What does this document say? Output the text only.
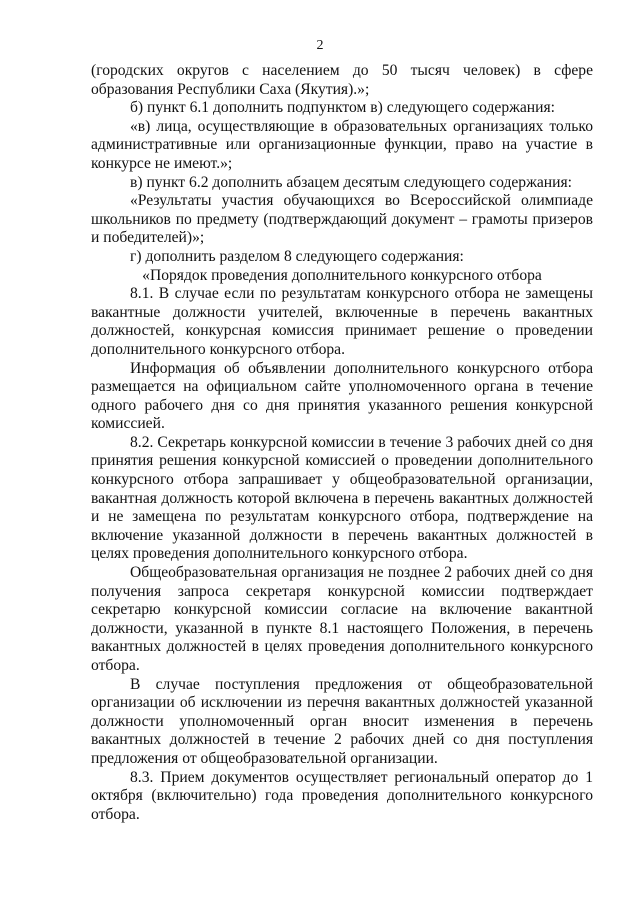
2

(городских округов с населением до 50 тысяч человек) в сфере образования Республики Саха (Якутия).»;

б) пункт 6.1 дополнить подпунктом в) следующего содержания:

«в) лица, осуществляющие в образовательных организациях только административные или организационные функции, право на участие в конкурсе не имеют.»;

в) пункт 6.2 дополнить абзацем десятым следующего содержания:

«Результаты участия обучающихся во Всероссийской олимпиаде школьников по предмету (подтверждающий документ – грамоты призеров и победителей)»;

г) дополнить разделом 8 следующего содержания:

«Порядок проведения дополнительного конкурсного отбора

8.1. В случае если по результатам конкурсного отбора не замещены вакантные должности учителей, включенные в перечень вакантных должностей, конкурсная комиссия принимает решение о проведении дополнительного конкурсного отбора.

Информация об объявлении дополнительного конкурсного отбора размещается на официальном сайте уполномоченного органа в течение одного рабочего дня со дня принятия указанного решения конкурсной комиссией.

8.2. Секретарь конкурсной комиссии в течение 3 рабочих дней со дня принятия решения конкурсной комиссией о проведении дополнительного конкурсного отбора запрашивает у общеобразовательной организации, вакантная должность которой включена в перечень вакантных должностей и не замещена по результатам конкурсного отбора, подтверждение на включение указанной должности в перечень вакантных должностей в целях проведения дополнительного конкурсного отбора.

Общеобразовательная организация не позднее 2 рабочих дней со дня получения запроса секретаря конкурсной комиссии подтверждает секретарю конкурсной комиссии согласие на включение вакантной должности, указанной в пункте 8.1 настоящего Положения, в перечень вакантных должностей в целях проведения дополнительного конкурсного отбора.

В случае поступления предложения от общеобразовательной организации об исключении из перечня вакантных должностей указанной должности уполномоченный орган вносит изменения в перечень вакантных должностей в течение 2 рабочих дней со дня поступления предложения от общеобразовательной организации.

8.3. Прием документов осуществляет региональный оператор до 1 октября (включительно) года проведения дополнительного конкурсного отбора.
